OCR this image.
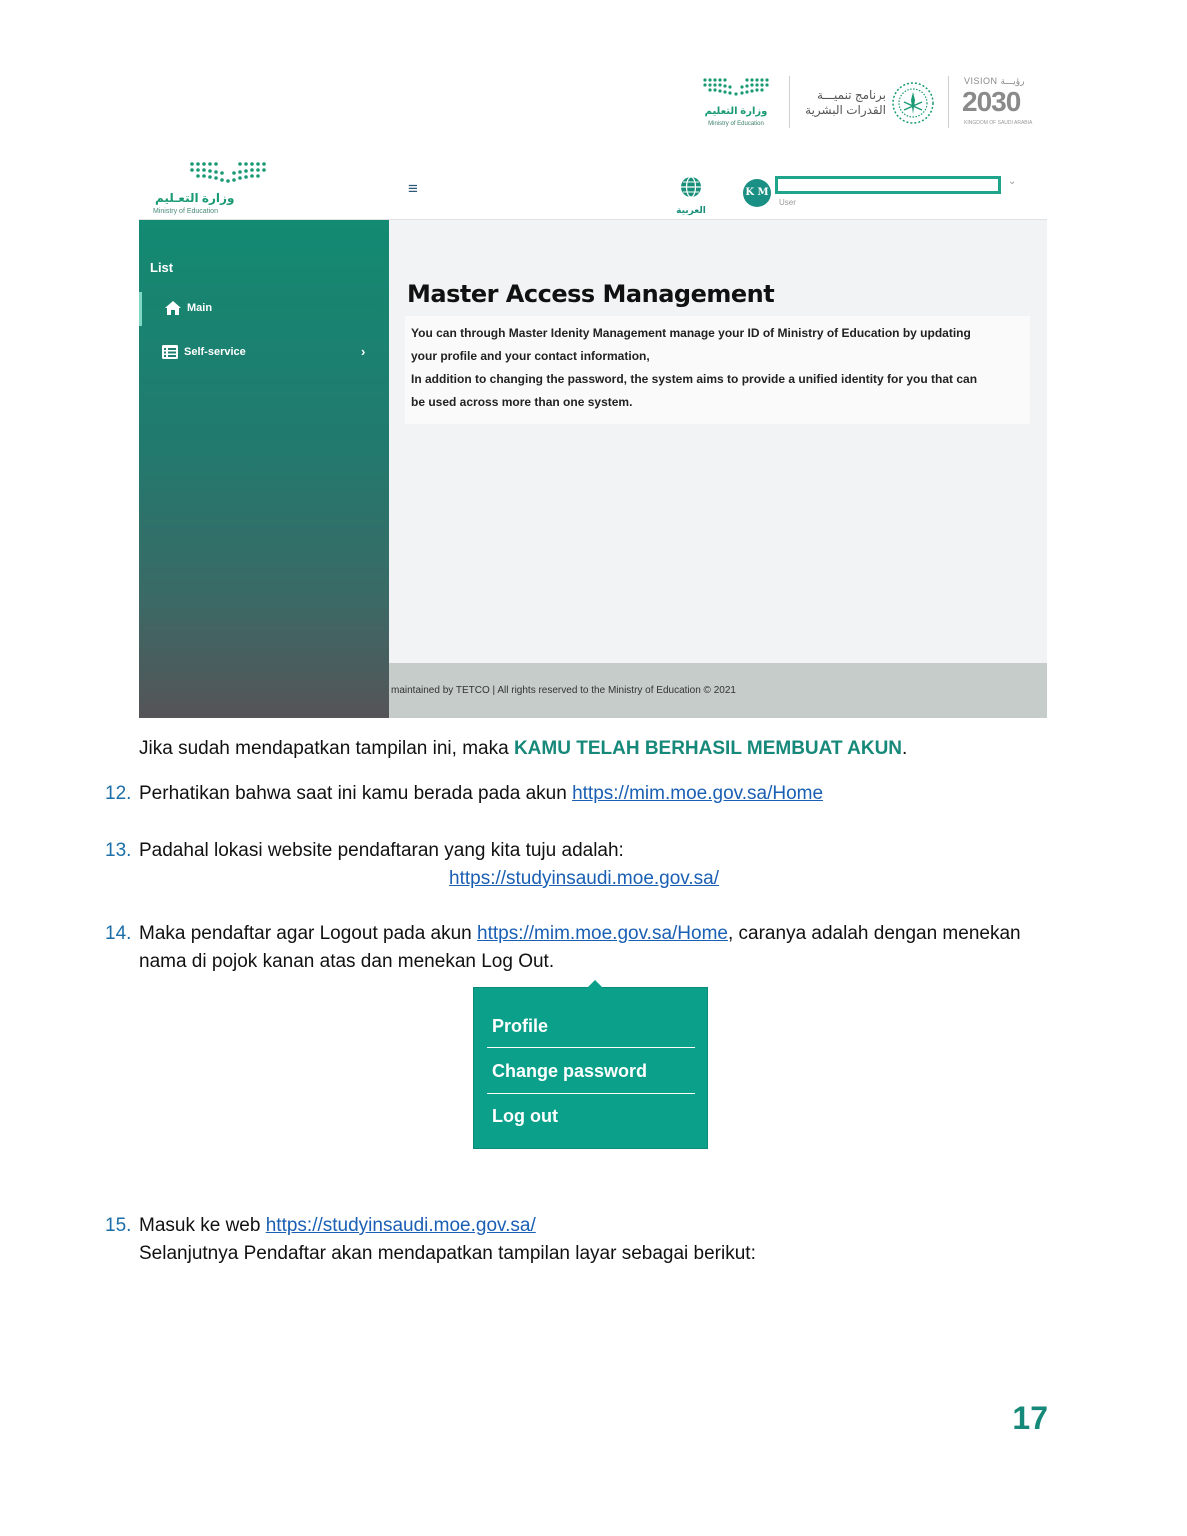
وزارة التعليم
Ministry of Education
برنامج تنميـــة
القدرات البشرية
VISION رؤيـــة
2030
KINGDOM OF SAUDI ARABIA
وزارة التعـليم
Ministry of Education
≡
العربية
K M
User
⌄
List
Main
Self-service	›
Master Access Management
You can through Master Idenity Management manage your ID of Ministry of Education by updating
your profile and your contact information,
In addition to changing the password, the system aims to provide a unified identity for you that can
be used across more than one system.
maintained by TETCO | All rights reserved to the Ministry of Education © 2021
Jika sudah mendapatkan tampilan ini, maka KAMU TELAH BERHASIL MEMBUAT AKUN.
12. Perhatikan bahwa saat ini kamu berada pada akun https://mim.moe.gov.sa/Home
13. Padahal lokasi website pendaftaran yang kita tuju adalah:
https://studyinsaudi.moe.gov.sa/
14. Maka pendaftar agar Logout pada akun https://mim.moe.gov.sa/Home, caranya adalah dengan menekan
nama di pojok kanan atas dan menekan Log Out.
Profile
Change password
Log out
15. Masuk ke web https://studyinsaudi.moe.gov.sa/
Selanjutnya Pendaftar akan mendapatkan tampilan layar sebagai berikut:
17
